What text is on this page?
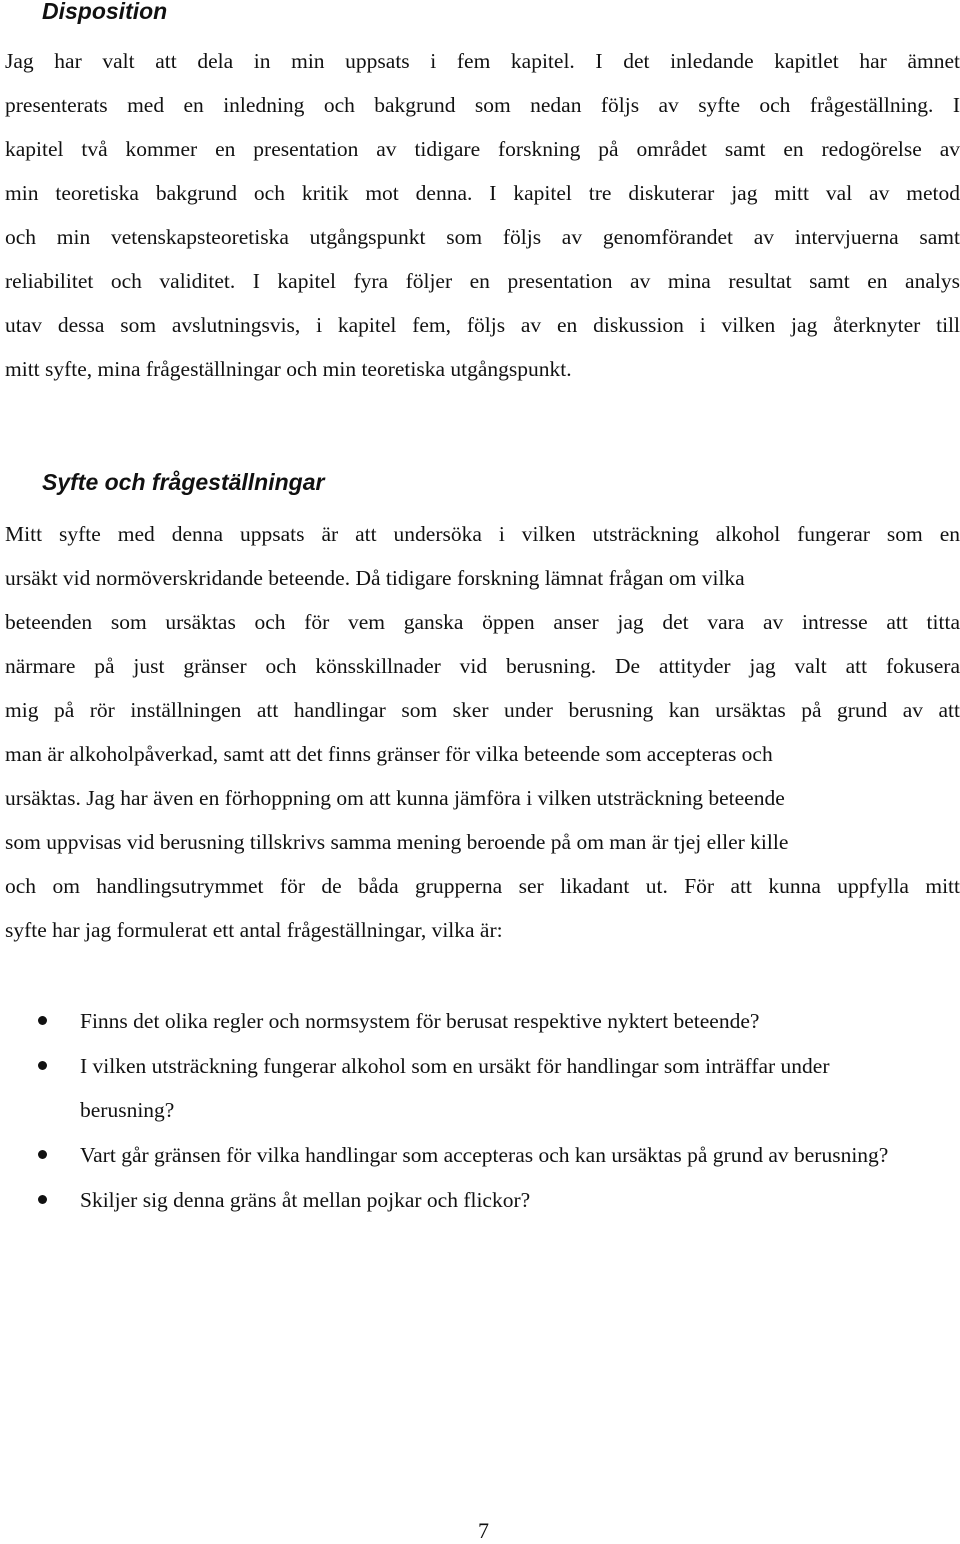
Disposition

Jag har valt att dela in min uppsats i fem kapitel. I det inledande kapitlet har ämnet
presenterats med en inledning och bakgrund som nedan följs av syfte och frågeställning. I
kapitel två kommer en presentation av tidigare forskning på området samt en redogörelse av
min teoretiska bakgrund och kritik mot denna. I kapitel tre diskuterar jag mitt val av metod
och min vetenskapsteoretiska utgångspunkt som följs av genomförandet av intervjuerna samt
reliabilitet och validitet. I kapitel fyra följer en presentation av mina resultat samt en analys
utav dessa som avslutningsvis, i kapitel fem, följs av en diskussion i vilken jag återknyter till
mitt syfte, mina frågeställningar och min teoretiska utgångspunkt.

Syfte och frågeställningar

Mitt syfte med denna uppsats är att undersöka i vilken utsträckning alkohol fungerar som en
ursäkt vid normöverskridande beteende. Då tidigare forskning lämnat frågan om vilka
beteenden som ursäktas och för vem ganska öppen anser jag det vara av intresse att titta
närmare på just gränser och könsskillnader vid berusning. De attityder jag valt att fokusera
mig på rör inställningen att handlingar som sker under berusning kan ursäktas på grund av att
man är alkoholpåverkad, samt att det finns gränser för vilka beteende som accepteras och
ursäktas. Jag har även en förhoppning om att kunna jämföra i vilken utsträckning beteende
som uppvisas vid berusning tillskrivs samma mening beroende på om man är tjej eller kille
och om handlingsutrymmet för de båda grupperna ser likadant ut. För att kunna uppfylla mitt
syfte har jag formulerat ett antal frågeställningar, vilka är:

Finns det olika regler och normsystem för berusat respektive nyktert beteende?
I vilken utsträckning fungerar alkohol som en ursäkt för handlingar som inträffar under berusning?
Vart går gränsen för vilka handlingar som accepteras och kan ursäktas på grund av berusning?
Skiljer sig denna gräns åt mellan pojkar och flickor?

7
